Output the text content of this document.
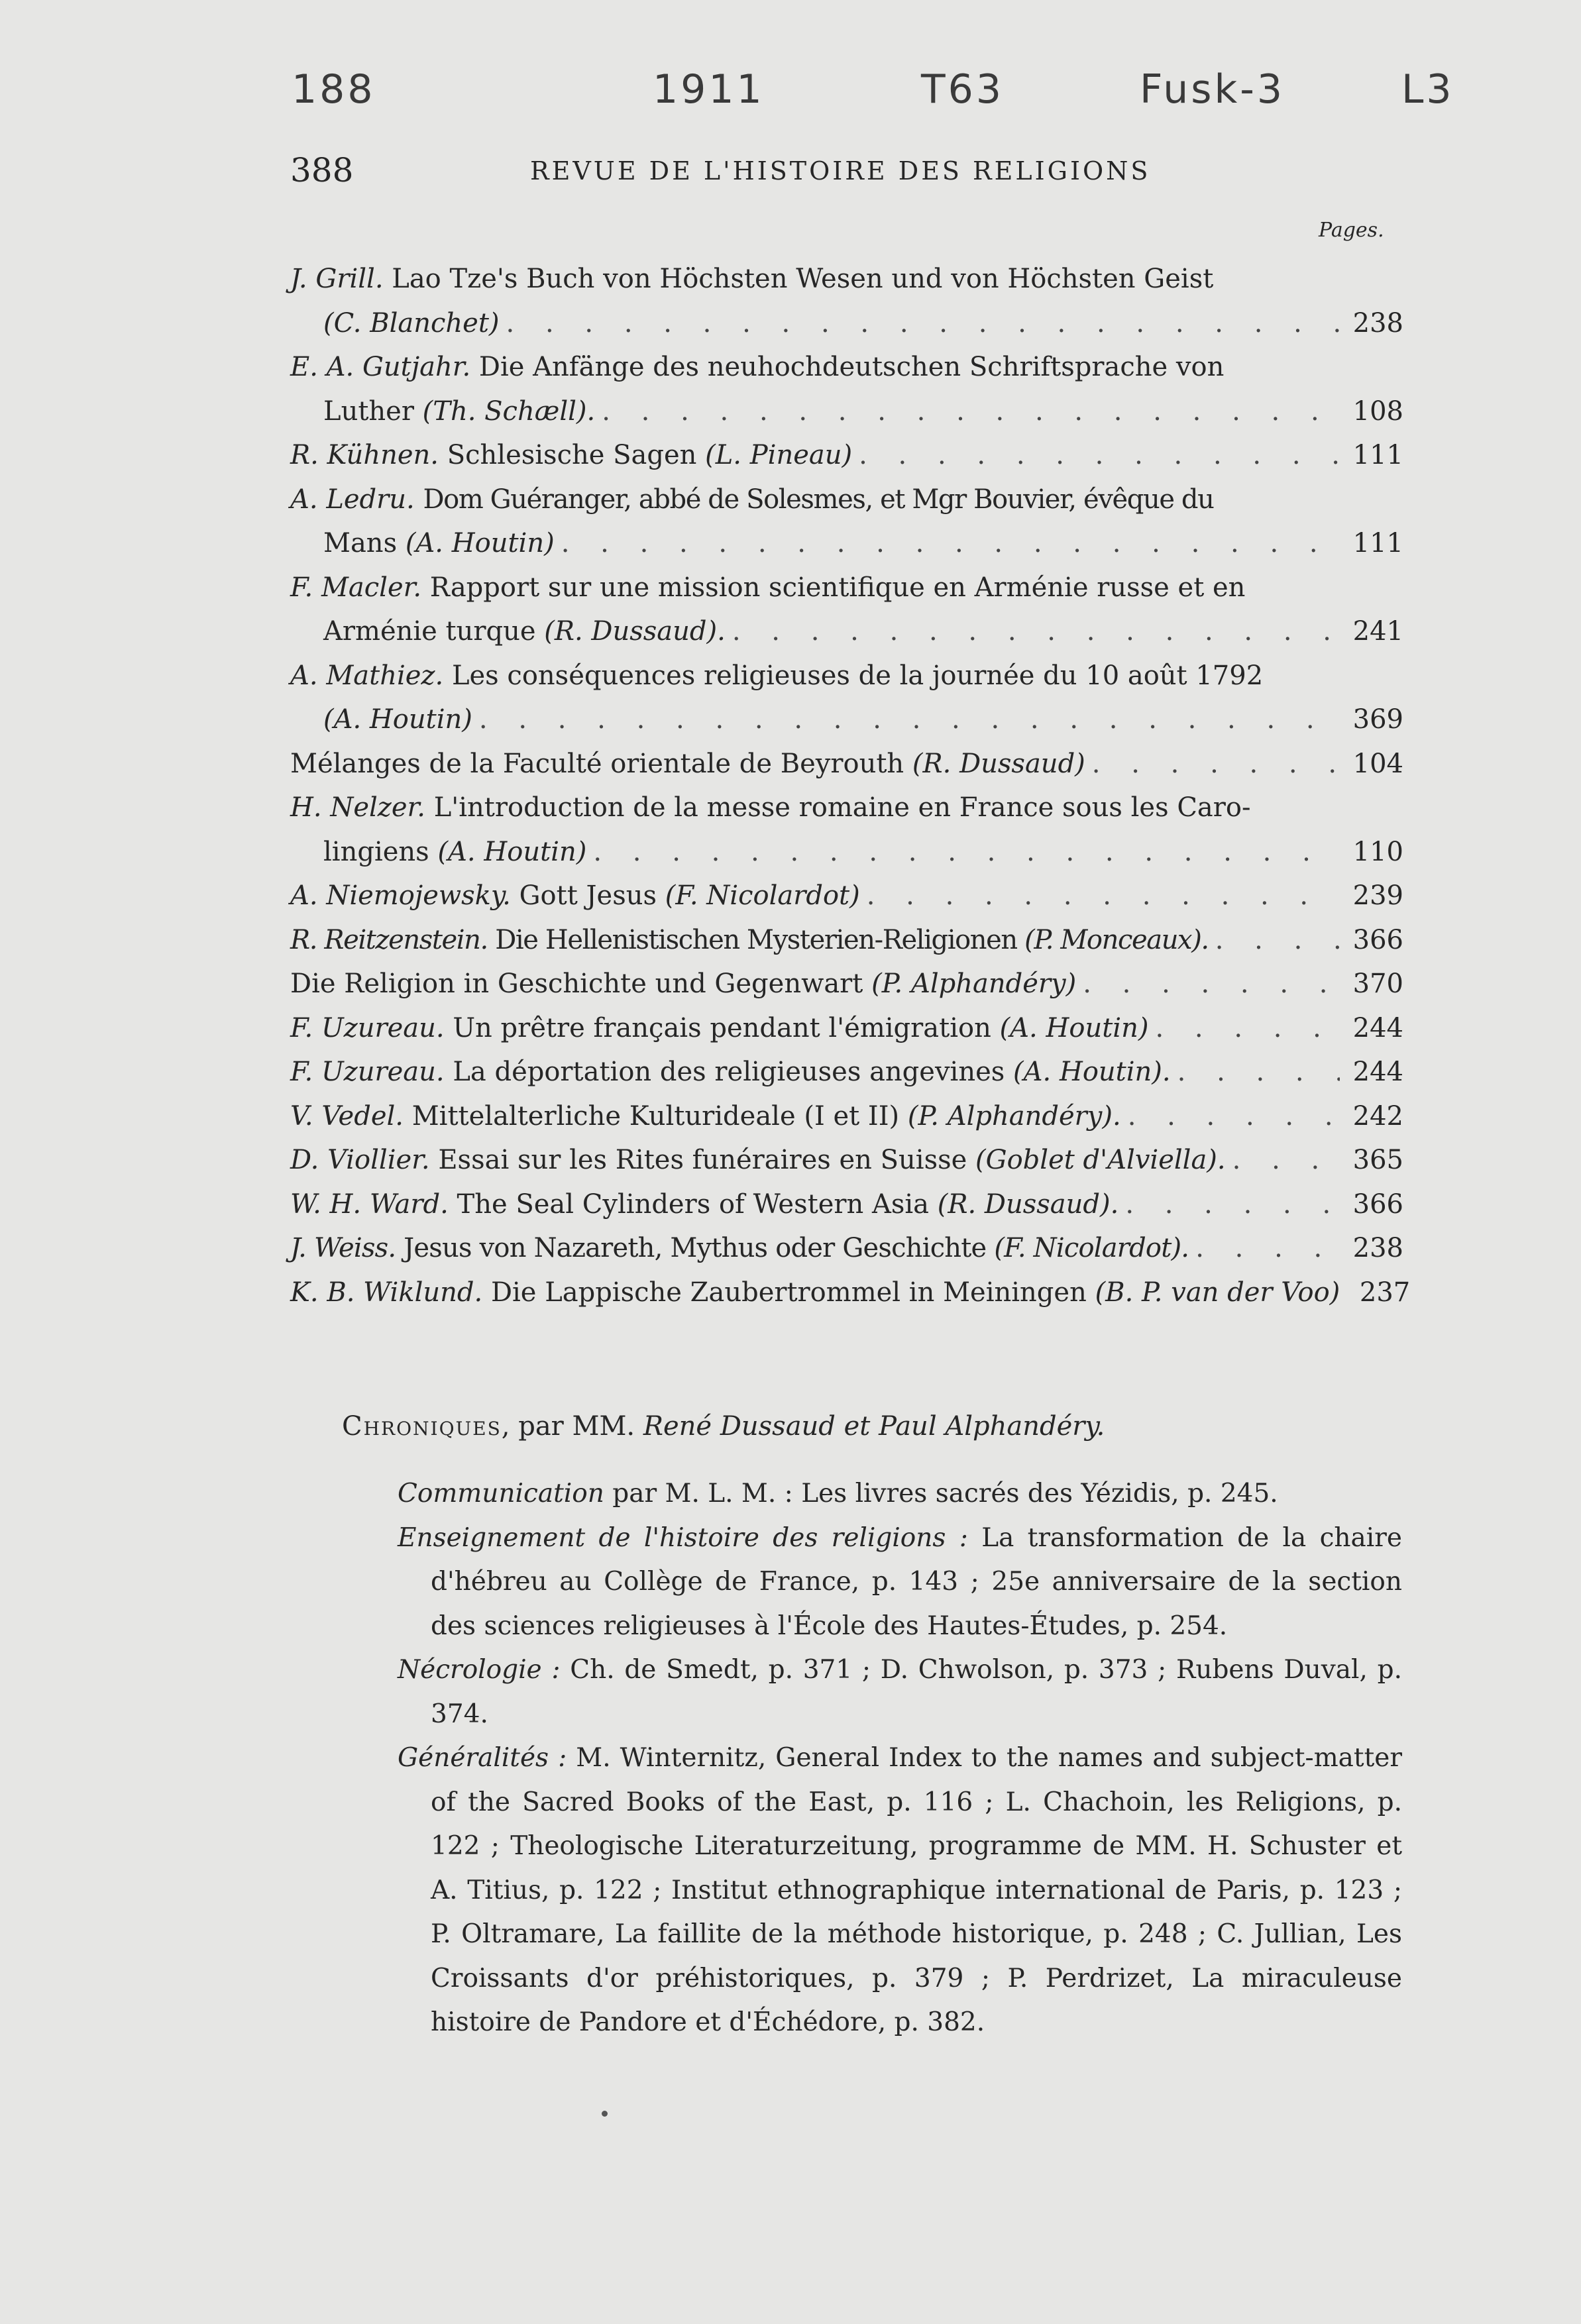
188	1911	T63	Fusk-3	L3
388	REVUE DE L'HISTOIRE DES RELIGIONS
Pages.
J. Grill. Lao Tze's Buch von Höchsten Wesen und von Höchsten Geist
(C. Blanchet) . . .	238
E. A. Gutjahr. Die Anfänge des neuhochdeutschen Schriftsprache von
Luther (Th. Schæll). . . .	108
R. Kühnen. Schlesische Sagen (L. Pineau) . . .	111
A. Ledru. Dom Guéranger, abbé de Solesmes, et Mgr Bouvier, évêque du
Mans (A. Houtin) . . .	111
F. Macler. Rapport sur une mission scientifique en Arménie russe et en
Arménie turque (R. Dussaud). . . .	241
A. Mathiez. Les conséquences religieuses de la journée du 10 août 1792
(A. Houtin) . . .	369
Mélanges de la Faculté orientale de Beyrouth (R. Dussaud) . . .	104
H. Nelzer. L'introduction de la messe romaine en France sous les Caro-
lingiens (A. Houtin) . . .	110
A. Niemojewsky. Gott Jesus (F. Nicolardot) . . .	239
R. Reitzenstein. Die Hellenistischen Mysterien-Religionen (P. Monceaux). . . .	366
Die Religion in Geschichte und Gegenwart (P. Alphandéry) . . .	370
F. Uzureau. Un prêtre français pendant l'émigration (A. Houtin) . . .	244
F. Uzureau. La déportation des religieuses angevines (A. Houtin). . . .	244
V. Vedel. Mittelalterliche Kulturideale (I et II) (P. Alphandéry). . . .	242
D. Viollier. Essai sur les Rites funéraires en Suisse (Goblet d'Alviella). . . .	365
W. H. Ward. The Seal Cylinders of Western Asia (R. Dussaud). . . .	366
J. Weiss. Jesus von Nazareth, Mythus oder Geschichte (F. Nicolardot). . . .	238
K. B. Wiklund. Die Lappische Zaubertrommel in Meiningen (B. P. van der Voo) . . . 237
Chroniques, par MM. René Dussaud et Paul Alphandéry.

Communication par M. L. M. : Les livres sacrés des Yézidis, p. 245.

Enseignement de l'histoire des religions : La transformation de la chaire d'hébreu au Collège de France, p. 143 ; 25e anniversaire de la section des sciences religieuses à l'École des Hautes-Études, p. 254.

Nécrologie : Ch. de Smedt, p. 371 ; D. Chwolson, p. 373 ; Rubens Duval, p. 374.

Généralités : M. Winternitz, General Index to the names and subject-matter of the Sacred Books of the East, p. 116 ; L. Chachoin, les Religions, p. 122 ; Theologische Literaturzeitung, programme de MM. H. Schuster et A. Titius, p. 122 ; Institut ethnographique international de Paris, p. 123 ; P. Oltramare, La faillite de la méthode historique, p. 248 ; C. Jullian, Les Croissants d'or préhistoriques, p. 379 ; P. Perdrizet, La miraculeuse histoire de Pandore et d'Échédore, p. 382.
